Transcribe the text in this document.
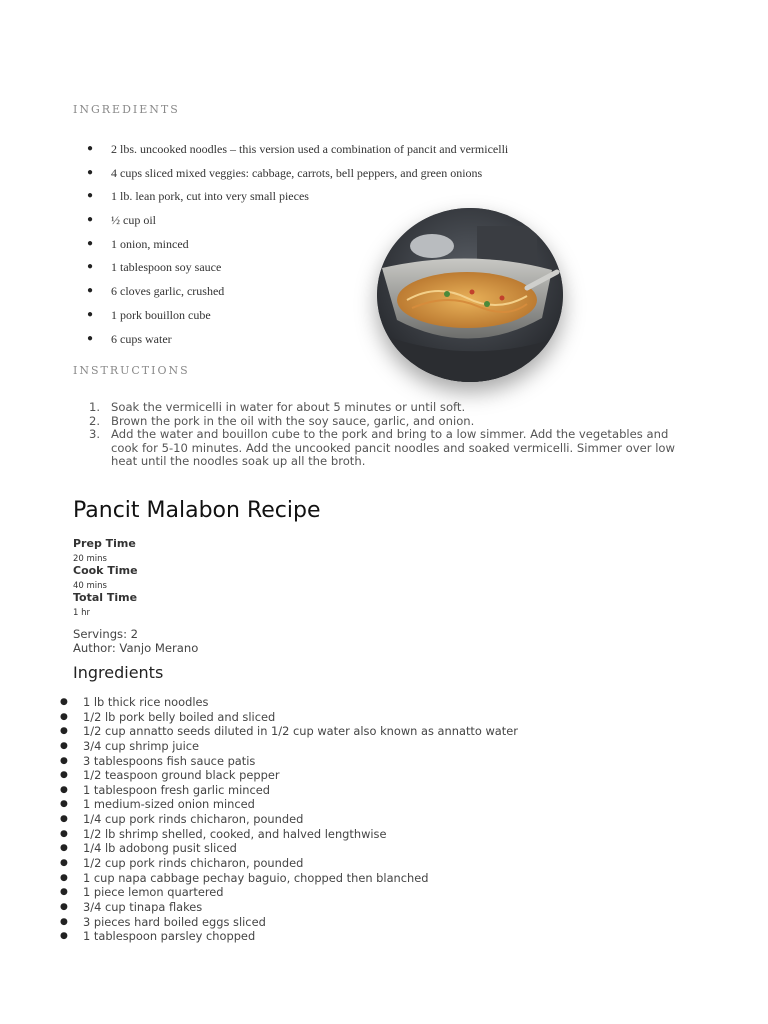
INGREDIENTS
● 2 lbs. uncooked noodles – this version used a combination of pancit and vermicelli
● 4 cups sliced mixed veggies: cabbage, carrots, bell peppers, and green onions
● 1 lb. lean pork, cut into very small pieces
● ½ cup oil
● 1 onion, minced
● 1 tablespoon soy sauce
● 6 cloves garlic, crushed
● 1 pork bouillon cube
● 6 cups water
INSTRUCTIONS
1. Soak the vermicelli in water for about 5 minutes or until soft.
2. Brown the pork in the oil with the soy sauce, garlic, and onion.
3. Add the water and bouillon cube to the pork and bring to a low simmer. Add the vegetables and cook for 5-10 minutes. Add the uncooked pancit noodles and soaked vermicelli. Simmer over low heat until the noodles soak up all the broth.
Pancit Malabon Recipe
Prep Time
20 mins
Cook Time
40 mins
Total Time
1 hr
Servings: 2
Author: Vanjo Merano
Ingredients
● 1 lb thick rice noodles
● 1/2 lb pork belly boiled and sliced
● 1/2 cup annatto seeds diluted in 1/2 cup water also known as annatto water
● 3/4 cup shrimp juice
● 3 tablespoons fish sauce patis
● 1/2 teaspoon ground black pepper
● 1 tablespoon fresh garlic minced
● 1 medium-sized onion minced
● 1/4 cup pork rinds chicharon, pounded
● 1/2 lb shrimp shelled, cooked, and halved lengthwise
● 1/4 lb adobong pusit sliced
● 1/2 cup pork rinds chicharon, pounded
● 1 cup napa cabbage pechay baguio, chopped then blanched
● 1 piece lemon quartered
● 3/4 cup tinapa flakes
● 3 pieces hard boiled eggs sliced
● 1 tablespoon parsley chopped
